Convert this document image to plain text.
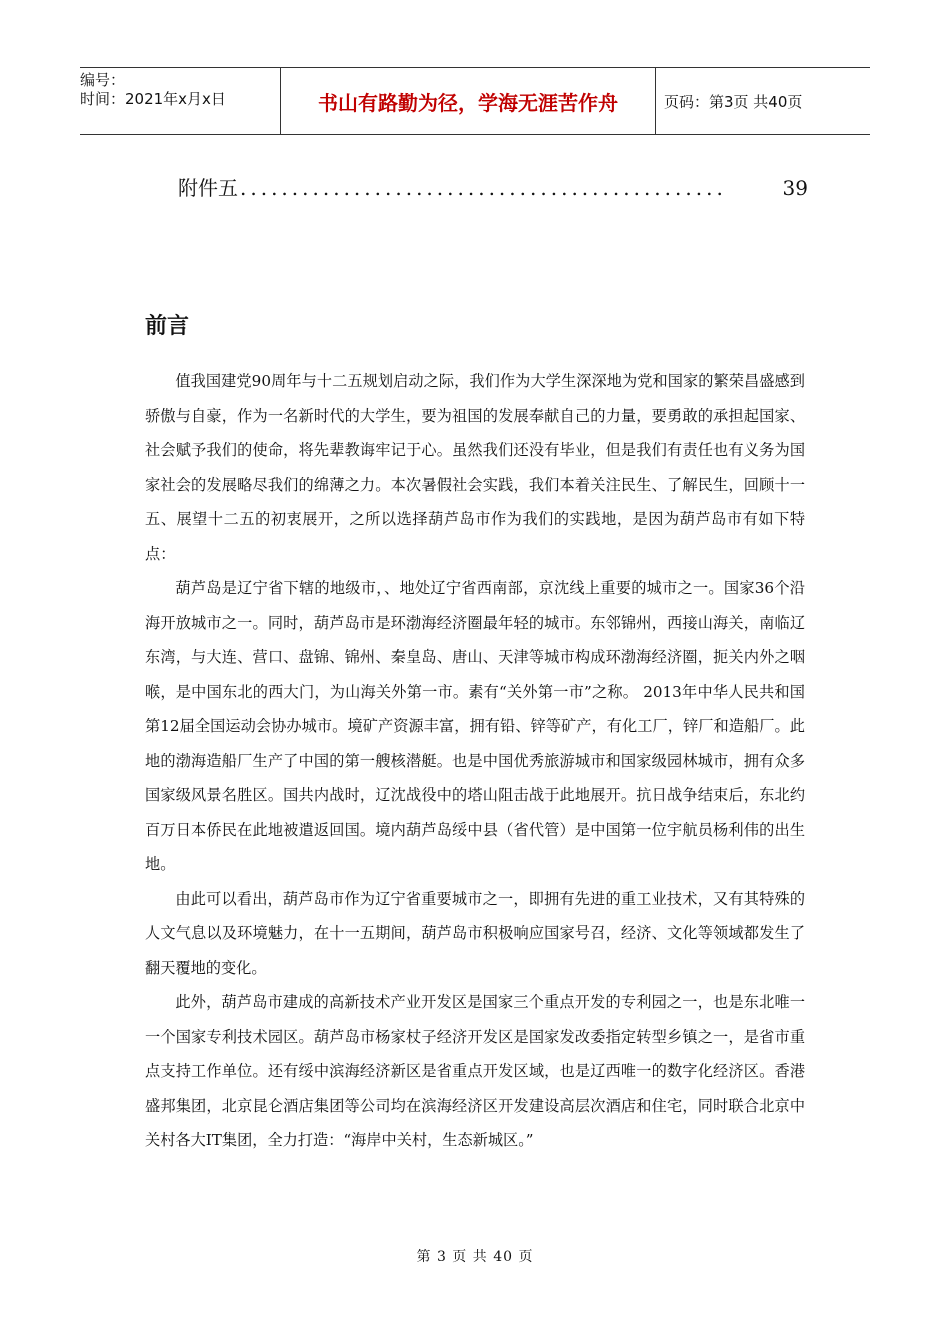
编号：
时间：2021年x月x日	书山有路勤为径，学海无涯苦作舟	页码：第3页 共40页
附件五 ...............................................	39
前言

值我国建党90周年与十二五规划启动之际，我们作为大学生深深地为党和国家的繁荣昌盛感到骄傲与自豪，作为一名新时代的大学生，要为祖国的发展奉献自己的力量，要勇敢的承担起国家、社会赋予我们的使命，将先辈教诲牢记于心。虽然我们还没有毕业，但是我们有责任也有义务为国家社会的发展略尽我们的绵薄之力。本次暑假社会实践，我们本着关注民生、了解民生，回顾十一五、展望十二五的初衷展开，之所以选择葫芦岛市作为我们的实践地，是因为葫芦岛市有如下特点：

葫芦岛是辽宁省下辖的地级市，、地处辽宁省西南部，京沈线上重要的城市之一。国家36个沿海开放城市之一。同时，葫芦岛市是环渤海经济圈最年轻的城市。东邻锦州，西接山海关，南临辽东湾，与大连、营口、盘锦、锦州、秦皇岛、唐山、天津等城市构成环渤海经济圈，扼关内外之咽喉，是中国东北的西大门，为山海关外第一市。素有“关外第一市”之称。 2013年中华人民共和国第12届全国运动会协办城市。境矿产资源丰富，拥有铅、锌等矿产，有化工厂，锌厂和造船厂。此地的渤海造船厂生产了中国的第一艘核潜艇。也是中国优秀旅游城市和国家级园林城市，拥有众多国家级风景名胜区。国共内战时，辽沈战役中的塔山阻击战于此地展开。抗日战争结束后，东北约百万日本侨民在此地被遣返回国。境内葫芦岛绥中县（省代管）是中国第一位宇航员杨利伟的出生地。

由此可以看出，葫芦岛市作为辽宁省重要城市之一，即拥有先进的重工业技术，又有其特殊的人文气息以及环境魅力，在十一五期间，葫芦岛市积极响应国家号召，经济、文化等领域都发生了翻天覆地的变化。

此外，葫芦岛市建成的高新技术产业开发区是国家三个重点开发的专利园之一，也是东北唯一一个国家专利技术园区。葫芦岛市杨家杖子经济开发区是国家发改委指定转型乡镇之一，是省市重点支持工作单位。还有绥中滨海经济新区是省重点开发区域，也是辽西唯一的数字化经济区。香港盛邦集团，北京昆仑酒店集团等公司均在滨海经济区开发建设高层次酒店和住宅，同时联合北京中关村各大IT集团，全力打造：“海岸中关村，生态新城区。”

第 3 页 共 40 页
